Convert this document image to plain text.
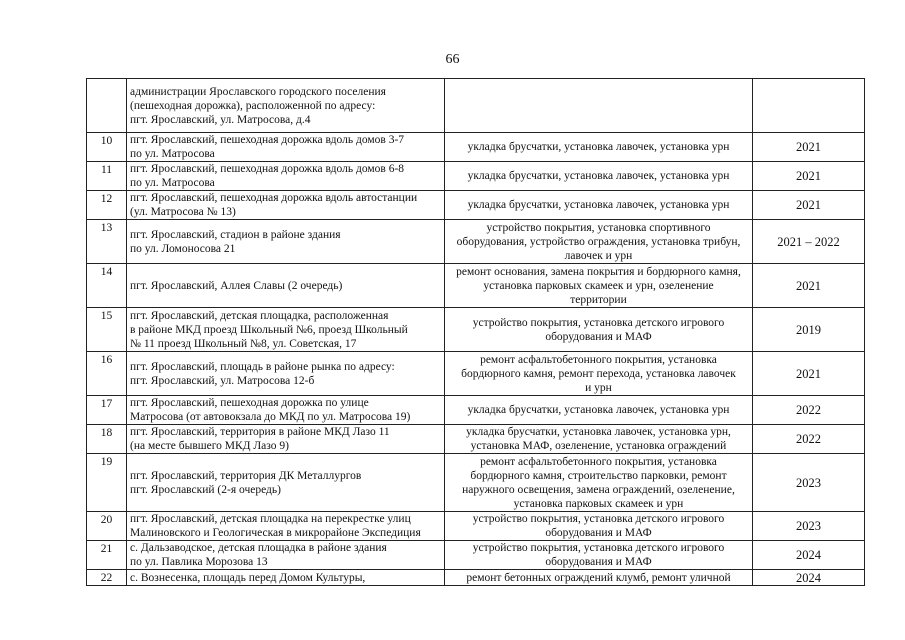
66

	администрации Ярославского городского поселения
(пешеходная дорожка), расположенной по адресу:
пгт. Ярославский, ул. Матросова, д.4		

10	пгт. Ярославский, пешеходная дорожка вдоль домов 3-7
по ул. Матросова	укладка брусчатки, установка лавочек, установка урн	2021
11	пгт. Ярославский, пешеходная дорожка вдоль домов 6-8
по ул. Матросова	укладка брусчатки, установка лавочек, установка урн	2021
12	пгт. Ярославский, пешеходная дорожка вдоль автостанции
(ул. Матросова № 13)	укладка брусчатки, установка лавочек, установка урн	2021
13	пгт. Ярославский, стадион в районе здания
по ул. Ломоносова 21	устройство покрытия, установка спортивного
оборудования, устройство ограждения, установка трибун,
лавочек и урн	2021 – 2022
14	пгт. Ярославский, Аллея Славы (2 очередь)	ремонт основания, замена покрытия и бордюрного камня,
установка парковых скамеек и урн, озеленение
территории	2021
15	пгт. Ярославский, детская площадка, расположенная
в районе МКД проезд Школьный №6, проезд Школьный
№ 11 проезд Школьный №8, ул. Советская, 17	устройство покрытия, установка детского игрового
оборудования и МАФ	2019
16	пгт. Ярославский, площадь в районе рынка по адресу:
пгт. Ярославский, ул. Матросова 12-б	ремонт асфальтобетонного покрытия, установка
бордюрного камня, ремонт перехода, установка лавочек
и урн	2021
17	пгт. Ярославский, пешеходная дорожка по улице
Матросова (от автовокзала до МКД по ул. Матросова 19)	укладка брусчатки, установка лавочек, установка урн	2022
18	пгт. Ярославский, территория в районе МКД Лазо 11
(на месте бывшего МКД Лазо 9)	укладка брусчатки, установка лавочек, установка урн,
установка МАФ, озеленение, установка ограждений	2022
19	пгт. Ярославский, территория ДК Металлургов
пгт. Ярославский (2-я очередь)	ремонт асфальтобетонного покрытия, установка
бордюрного камня, строительство парковки, ремонт
наружного освещения, замена ограждений, озеленение,
установка парковых скамеек и урн	2023
20	пгт. Ярославский, детская площадка на перекрестке улиц
Малиновского и Геологическая в микрорайоне Экспедиция	устройство покрытия, установка детского игрового
оборудования и МАФ	2023
21	с. Дальзаводское, детская площадка в районе здания
по ул. Павлика Морозова 13	устройство покрытия, установка детского игрового
оборудования и МАФ	2024
22	с. Вознесенка, площадь перед Домом Культуры,	ремонт бетонных ограждений клумб, ремонт уличной	2024
